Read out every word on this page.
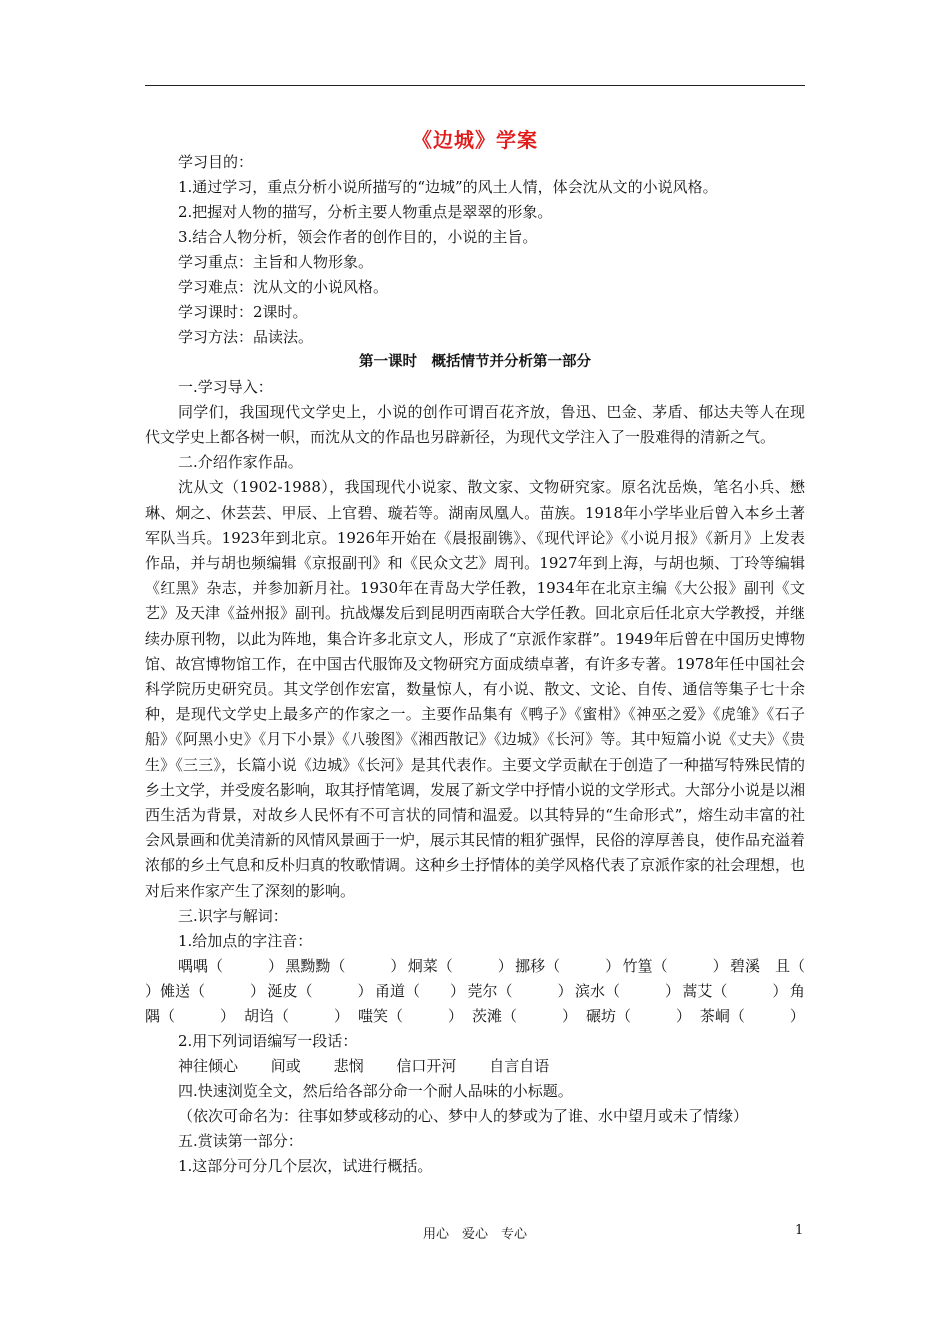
《边城》学案
学习目的：
1.通过学习，重点分析小说所描写的“边城”的风土人情，体会沈从文的小说风格。
2.把握对人物的描写，分析主要人物重点是翠翠的形象。
3.结合人物分析，领会作者的创作目的，小说的主旨。
学习重点：主旨和人物形象。
学习难点：沈从文的小说风格。
学习课时：2课时。
学习方法：品读法。
第一课时　概括情节并分析第一部分
一.学习导入：
同学们，我国现代文学史上，小说的创作可谓百花齐放，鲁迅、巴金、茅盾、郁达夫等人在现代文学史上都各树一帜，而沈从文的作品也另辟新径，为现代文学注入了一股难得的清新之气。
二.介绍作家作品。
沈从文（1902-1988），我国现代小说家、散文家、文物研究家。原名沈岳焕，笔名小兵、懋琳、炯之、休芸芸、甲辰、上官碧、璇若等。湖南凤凰人。苗族。1918年小学毕业后曾入本乡土著军队当兵。1923年到北京。1926年开始在《晨报副镌》、《现代评论》《小说月报》《新月》上发表作品，并与胡也频编辑《京报副刊》和《民众文艺》周刊。1927年到上海，与胡也频、丁玲等编辑《红黑》杂志，并参加新月社。1930年在青岛大学任教，1934年在北京主编《大公报》副刊《文艺》及天津《益州报》副刊。抗战爆发后到昆明西南联合大学任教。回北京后任北京大学教授，并继续办原刊物，以此为阵地，集合许多北京文人，形成了“京派作家群”。1949年后曾在中国历史博物馆、故宫博物馆工作，在中国古代服饰及文物研究方面成绩卓著，有许多专著。1978年任中国社会科学院历史研究员。其文学创作宏富，数量惊人，有小说、散文、文论、自传、通信等集子七十余种，是现代文学史上最多产的作家之一。主要作品集有《鸭子》《蜜柑》《神巫之爱》《虎雏》《石子船》《阿黑小史》《月下小景》《八骏图》《湘西散记》《边城》《长河》等。其中短篇小说《丈夫》《贵生》《三三》，长篇小说《边城》《长河》是其代表作。主要文学贡献在于创造了一种描写特殊民情的乡土文学，并受废名影响，取其抒情笔调，发展了新文学中抒情小说的文学形式。大部分小说是以湘西生活为背景，对故乡人民怀有不可言状的同情和温爱。以其特异的“生命形式”，熔生动丰富的社会风景画和优美清新的风情风景画于一炉，展示其民情的粗犷强悍，民俗的淳厚善良，使作品充溢着浓郁的乡土气息和反朴归真的牧歌情调。这种乡土抒情体的美学风格代表了京派作家的社会理想，也对后来作家产生了深刻的影响。
三.识字与解词：
1.给加点的字注音：
喁喁（　　　） 黑黝黝（　　　） 炯菜（　　　） 挪移（　　　） 竹篁（　　　） 碧溪　且（
）傩送（　　　） 涎皮（　　　） 甬道（　　） 莞尔（　　　） 滨水（　　　） 蒿艾（　　　） 角
隅（　　　） 胡诌（　　　） 嗤笑（　　　） 茨滩（　　　） 碾坊（　　　） 茶峒（　　　）
2.用下列词语编写一段话：
神往倾心 间或 悲悯 信口开河 自言自语
四.快速浏览全文，然后给各部分命一个耐人品味的小标题。
（依次可命名为：往事如梦或移动的心、梦中人的梦或为了谁、水中望月或未了情缘）
五.赏读第一部分：
1.这部分可分几个层次，试进行概括。
用心　爱心　专心	1
